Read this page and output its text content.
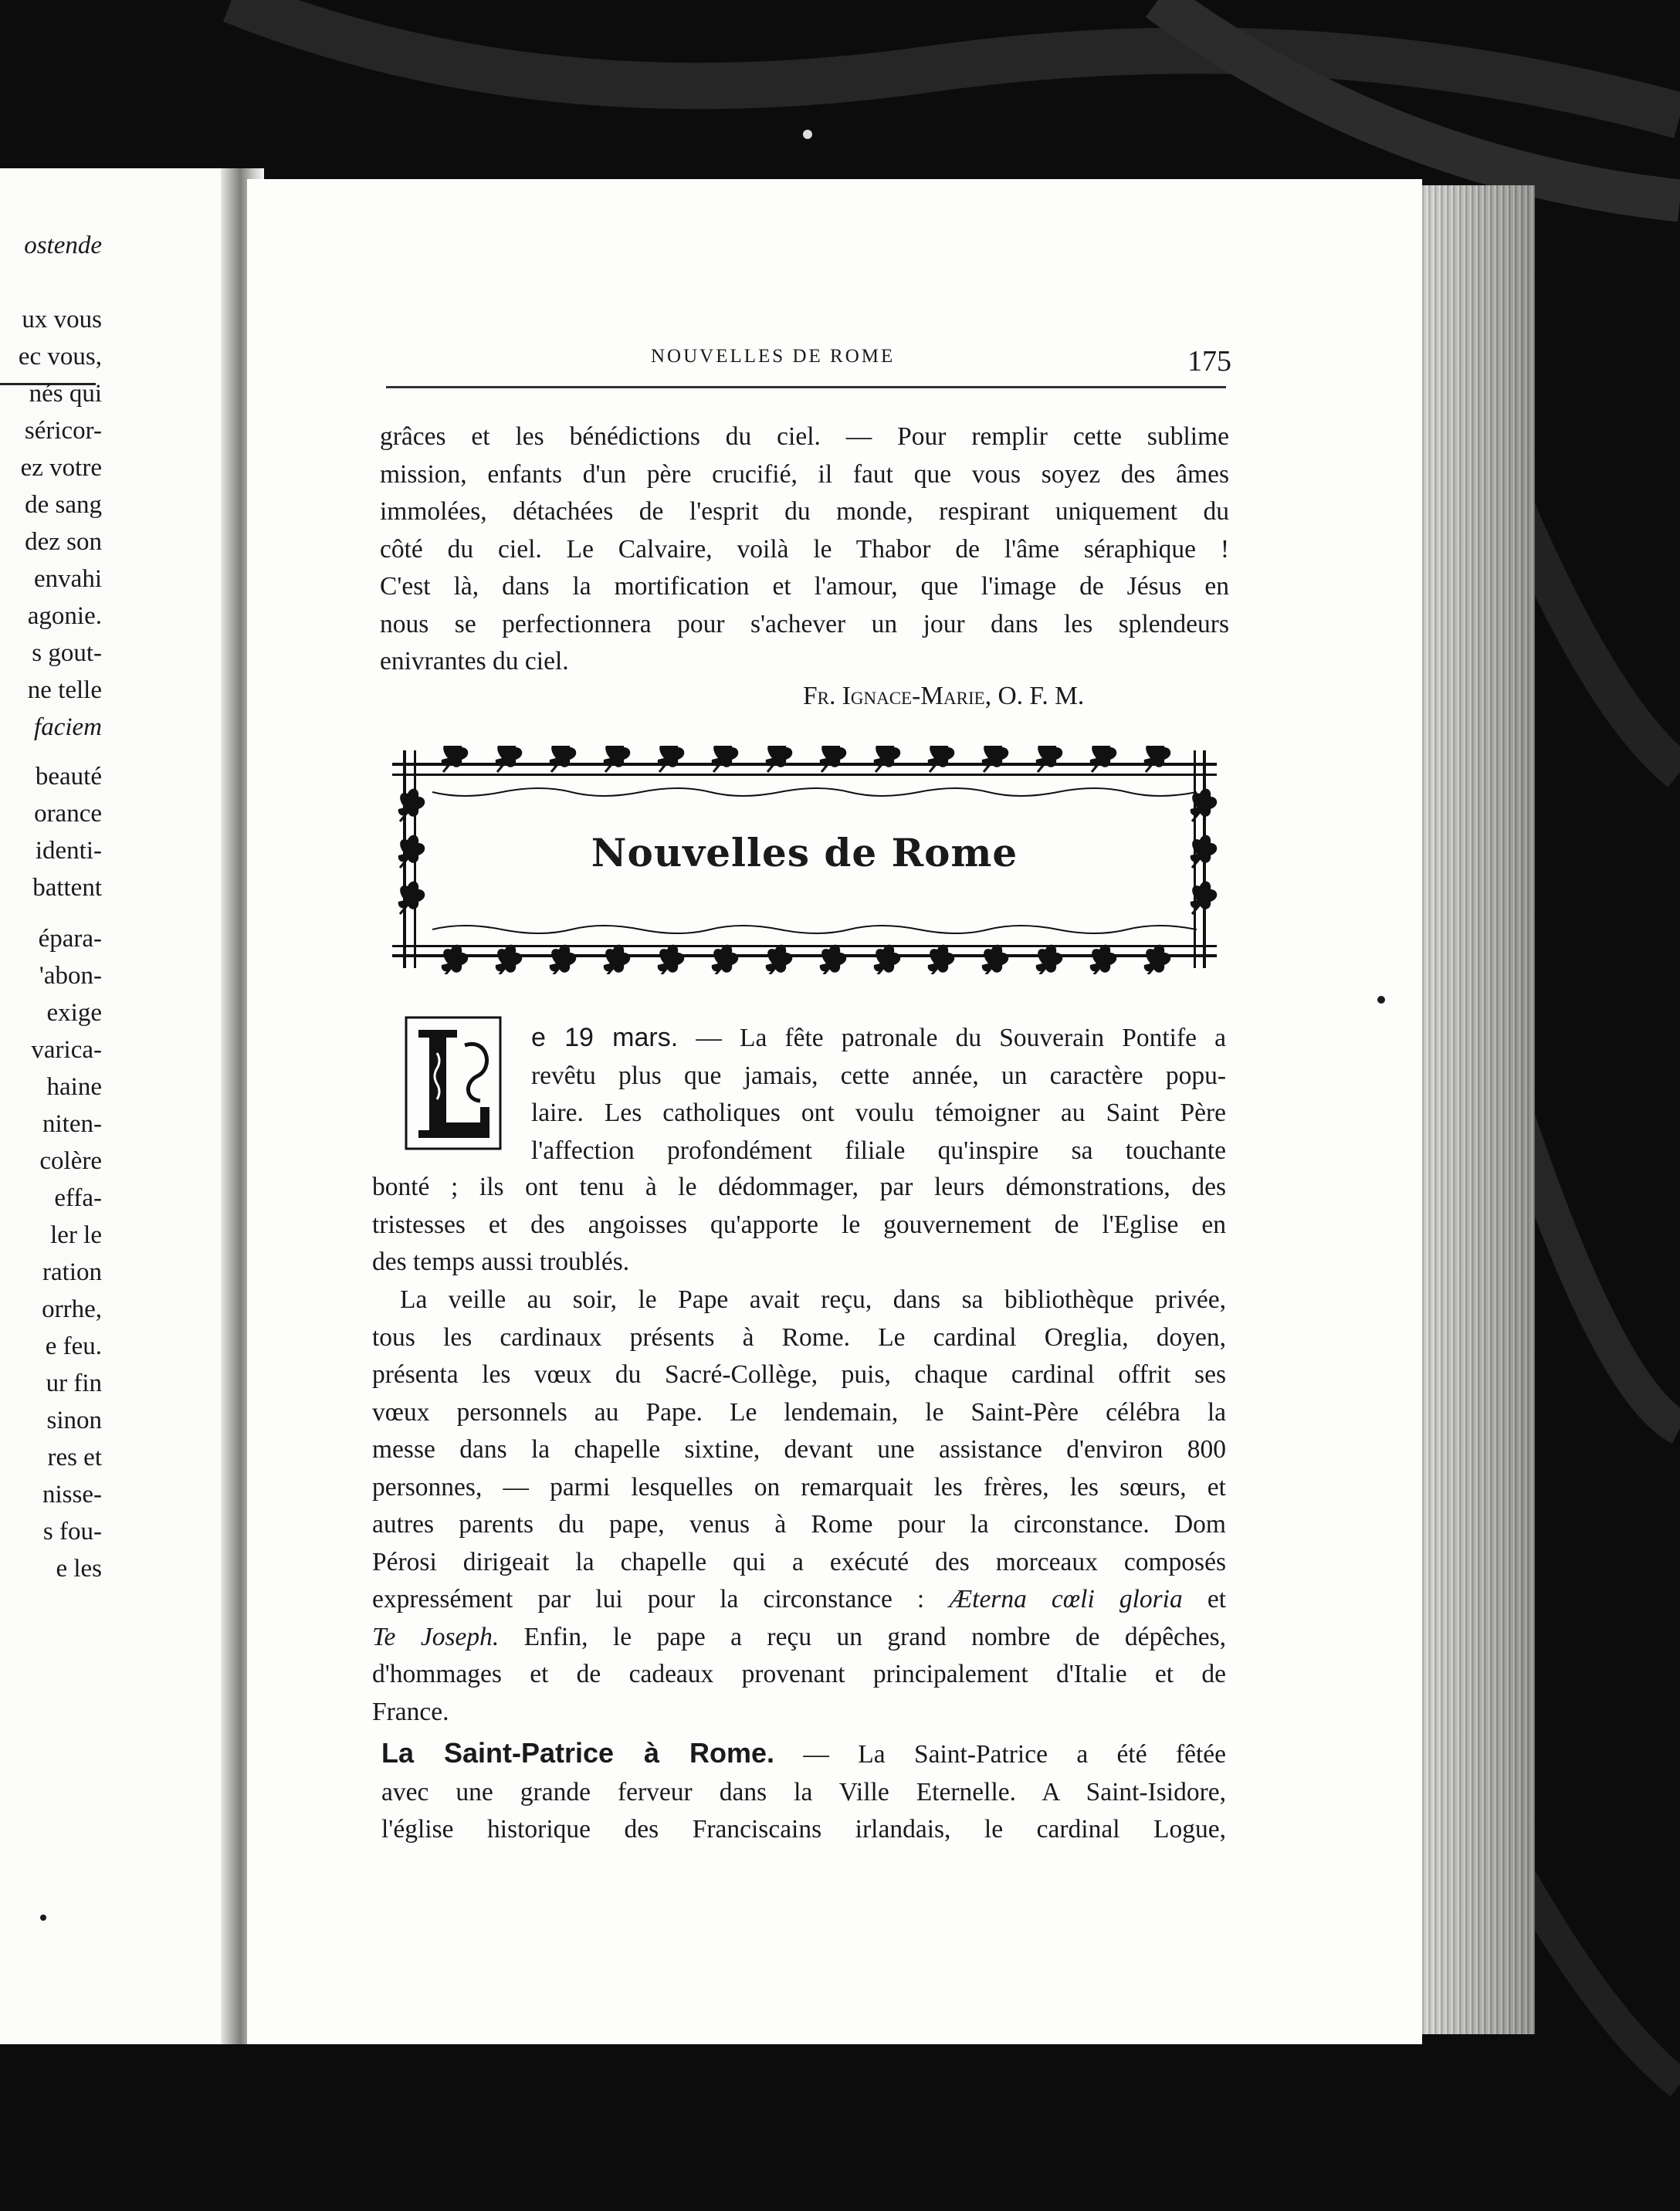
ostende
ux vous
ec vous,
nés qui
séricor-
ez votre
de sang
dez son
envahi
agonie.
s gout-
ne telle
faciem
beauté
orance
identi-
battent
épara-
'abon-
exige
varica-
haine
niten-
colère
effa-
ler le
ration
orrhe,
e feu.
ur fin
sinon
res et
nisse-
s fou-
e les
NOUVELLES DE ROME	175
grâces et les bénédictions du ciel. — Pour remplir cette sublime
mission, enfants d'un père crucifié, il faut que vous soyez des âmes
immolées, détachées de l'esprit du monde, respirant uniquement du
côté du ciel. Le Calvaire, voilà le Thabor de l'âme séraphique !
C'est là, dans la mortification et l'amour, que l'image de Jésus en
nous se perfectionnera pour s'achever un jour dans les splendeurs
enivrantes du ciel.
Fr. Ignace-Marie, O. F. M.
Nouvelles de Rome
L
e 19 mars. — La fête patronale du Souverain Pontife a
revêtu plus que jamais, cette année, un caractère popu-
laire. Les catholiques ont voulu témoigner au Saint Père
l'affection profondément filiale qu'inspire sa touchante
bonté ; ils ont tenu à le dédommager, par leurs démonstrations, des
tristesses et des angoisses qu'apporte le gouvernement de l'Eglise en
des temps aussi troublés.
La veille au soir, le Pape avait reçu, dans sa bibliothèque privée,
tous les cardinaux présents à Rome. Le cardinal Oreglia, doyen,
présenta les vœux du Sacré-Collège, puis, chaque cardinal offrit ses
vœux personnels au Pape. Le lendemain, le Saint-Père célébra la
messe dans la chapelle sixtine, devant une assistance d'environ 800
personnes, — parmi lesquelles on remarquait les frères, les sœurs, et
autres parents du pape, venus à Rome pour la circonstance. Dom
Pérosi dirigeait la chapelle qui a exécuté des morceaux composés
expressément par lui pour la circonstance : Æterna cœli gloria et
Te Joseph. Enfin, le pape a reçu un grand nombre de dépêches,
d'hommages et de cadeaux provenant principalement d'Italie et de
France.
La Saint-Patrice à Rome. — La Saint-Patrice a été fêtée
avec une grande ferveur dans la Ville Eternelle. A Saint-Isidore,
l'église historique des Franciscains irlandais, le cardinal Logue,
